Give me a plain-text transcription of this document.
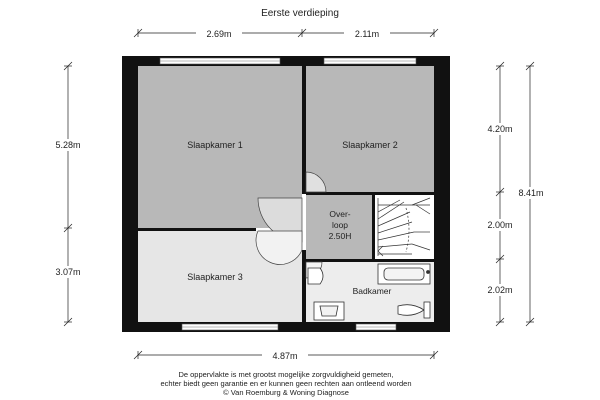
Eerste verdieping
Slaapkamer 1	Slaapkamer 2
Slaapkamer 3
Over-
loop
2.50H
Badkamer
2.69m	2.11m
4.87m
5.28m
3.07m
4.20m
2.00m
2.02m
8.41m
De oppervlakte is met grootst mogelijke zorgvuldigheid gemeten,
echter biedt geen garantie en er kunnen geen rechten aan ontleend worden
© Van Roemburg & Woning Diagnose
